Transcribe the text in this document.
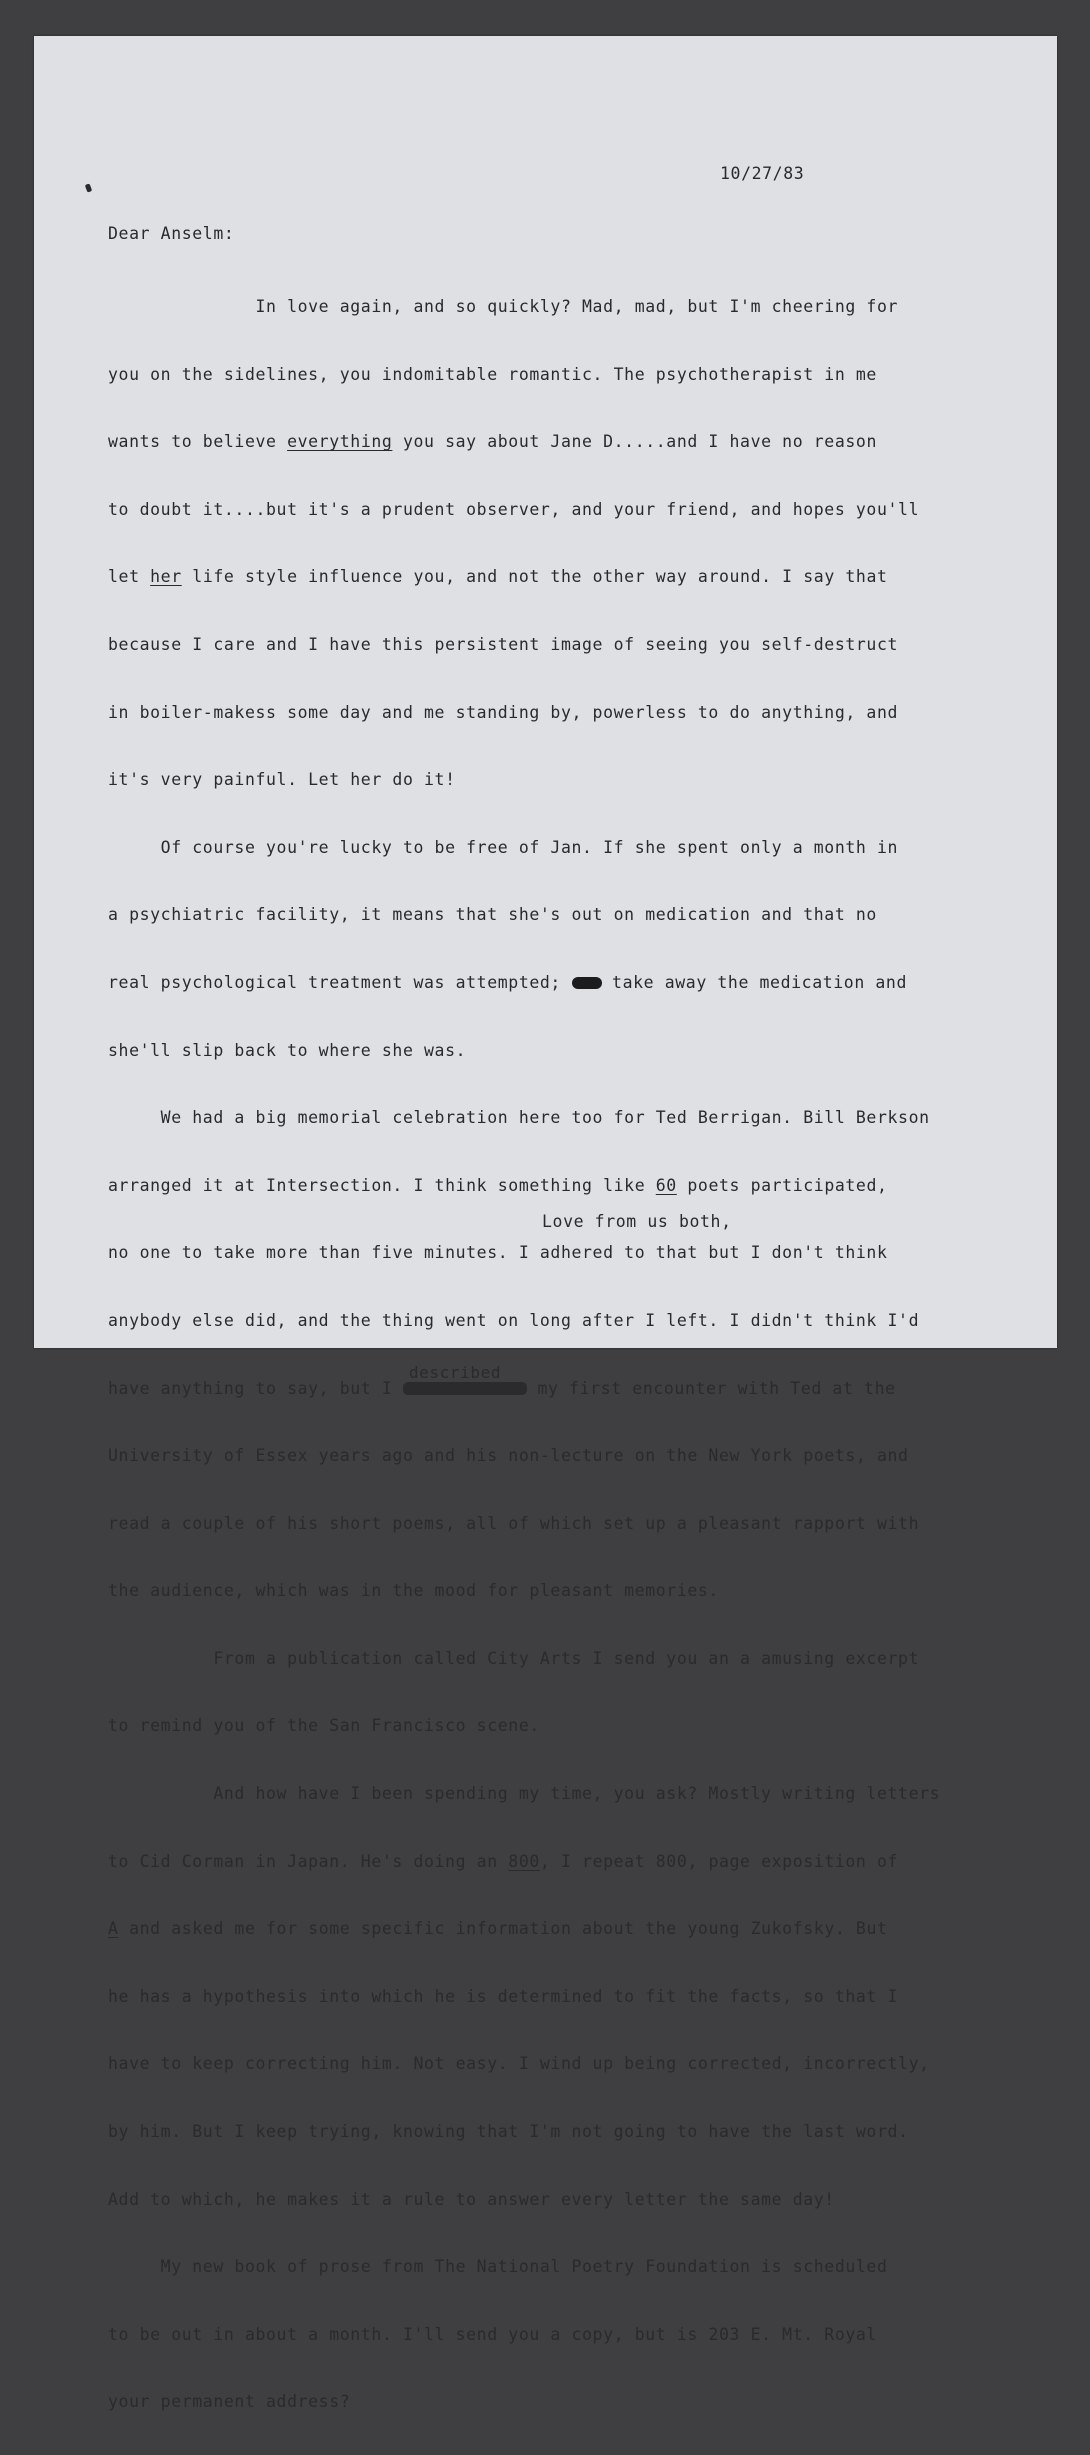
10/27/83
Dear Anselm:

In love again, and so quickly? Mad, mad, but I'm cheering for

you on the sidelines, you indomitable romantic. The psychotherapist in me

wants to believe everything you say about Jane D.....and I have no reason

to doubt it....but it's a prudent observer, and your friend, and hopes you'll

let her life style influence you, and not the other way around. I say that

because I care and I have this persistent image of seeing you self-destruct

in boiler-makess some day and me standing by, powerless to do anything, and

it's very painful. Let her do it!

Of course you're lucky to be free of Jan. If she spent only a month in

a psychiatric facility, it means that she's out on medication and that no

real psychological treatment was attempted;  take away the medication and

she'll slip back to where she was.

We had a big memorial celebration here too for Ted Berrigan. Bill Berkson

arranged it at Intersection. I think something like 60 poets participated,

no one to take more than five minutes. I adhered to that but I don't think

anybody else did, and the thing went on long after I left. I didn't think I'd

have anything to say, but I
described
my first encounter with Ted at the

University of Essex years ago and his non-lecture on the New York poets, and

read a couple of his short poems, all of which set up a pleasant rapport with

the audience, which was in the mood for pleasant memories.

From a publication called City Arts I send you an a amusing excerpt

to remind you of the San Francisco scene.

And how have I been spending my time, you ask? Mostly writing letters

to Cid Corman in Japan. He's doing an 800, I repeat 800, page exposition of

A and asked me for some specific information about the young Zukofsky. But

he has a hypothesis into which he is determined to fit the facts, so that I

have to keep correcting him. Not easy. I wind up being corrected, incorrectly,

by him. But I keep trying, knowing that I'm not going to have the last word.

Add to which, he makes it a rule to answer every letter the same day!

My new book of prose from The National Poetry Foundation is scheduled

to be out in about a month. I'll send you a copy, but is 203 E. Mt. Royal

your permanent address?

Love from us both,
